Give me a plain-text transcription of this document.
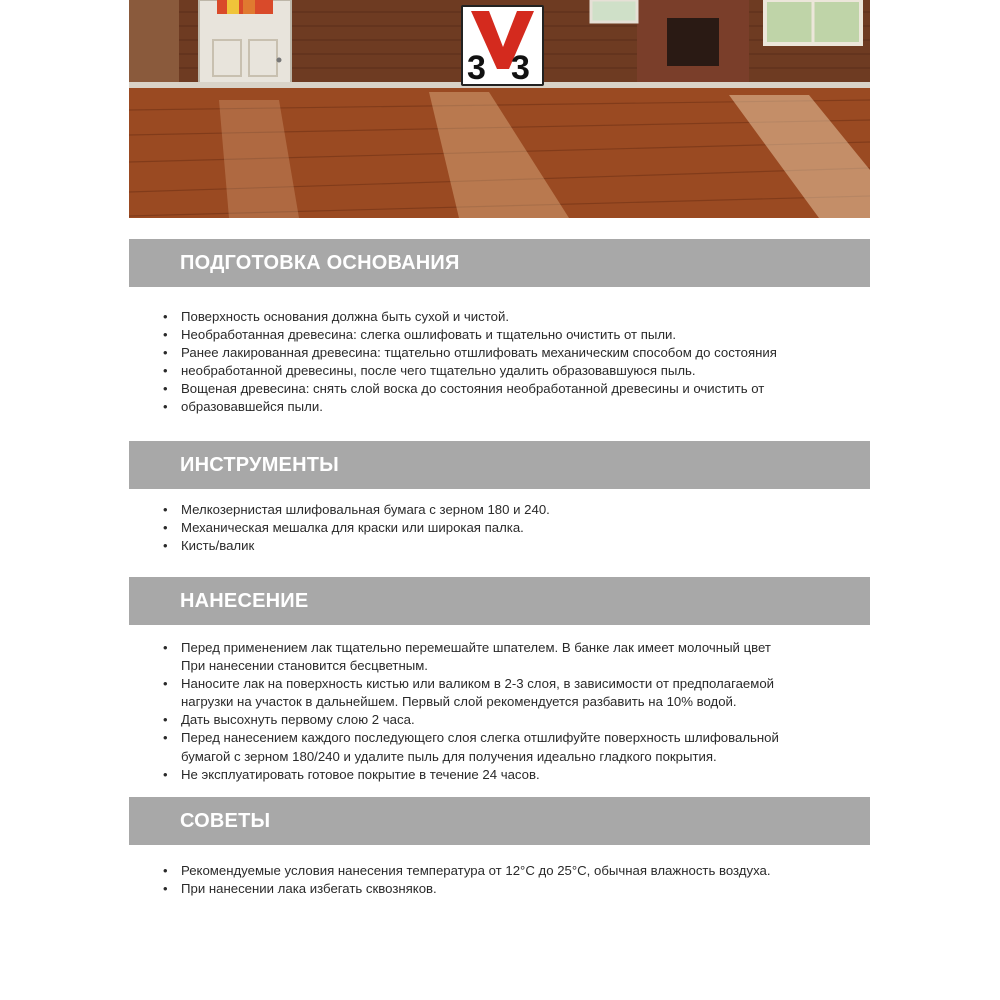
3 3
ПОДГОТОВКА ОСНОВАНИЯ
• Поверхность основания должна быть сухой и чистой.
• Необработанная древесина: слегка ошлифовать и тщательно очистить от пыли.
• Ранее лакированная древесина: тщательно отшлифовать механическим способом до состояния
• необработанной древесины, после чего тщательно удалить образовавшуюся пыль.
• Вощеная древесина: снять слой воска до состояния необработанной древесины и очистить от
• образовавшейся пыли.
ИНСТРУМЕНТЫ
• Мелкозернистая шлифовальная бумага с зерном 180 и 240.
• Механическая мешалка для краски или широкая палка.
• Кисть/валик
НАНЕСЕНИЕ
• Перед применением лак тщательно перемешайте шпателем. В банке лак имеет молочный цвет
При нанесении становится бесцветным.
• Наносите лак на поверхность кистью или валиком в 2-3 слоя, в зависимости от предполагаемой
нагрузки на участок в дальнейшем. Первый слой рекомендуется разбавить на 10% водой.
• Дать высохнуть первому слою 2 часа.
• Перед нанесением каждого последующего слоя слегка отшлифуйте поверхность шлифовальной
бумагой с зерном 180/240 и удалите пыль для получения идеально гладкого покрытия.
• Не эксплуатировать готовое покрытие в течение 24 часов.
СОВЕТЫ
• Рекомендуемые условия нанесения температура от 12°C до 25°C, обычная влажность воздуха.
• При нанесении лака избегать сквозняков.
